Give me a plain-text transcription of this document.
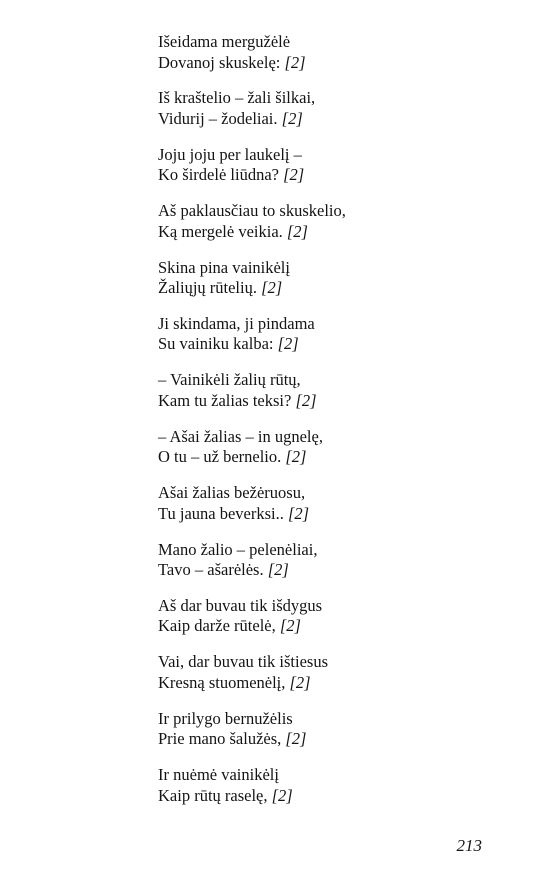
Išeidama mergužėlė
Dovanoj skuskelę: [2]
Iš kraštelio – žali šilkai,
Vidurij – žodeliai. [2]
Joju joju per laukelį –
Ko širdelė liūdna? [2]
Aš paklausčiau to skuskelio,
Ką mergelė veikia. [2]
Skina pina vainikėlį
Žaliųjų rūtelių. [2]
Ji skindama, ji pindama
Su vainiku kalba: [2]
– Vainikėli žalių rūtų,
Kam tu žalias teksi? [2]
– Ašai žalias – in ugnelę,
O tu – už bernelio. [2]
Ašai žalias bežėruosu,
Tu jauna beverksi.. [2]
Mano žalio – pelenėliai,
Tavo – ašarėlės. [2]
Aš dar buvau tik išdygus
Kaip darže rūtelė, [2]
Vai, dar buvau tik ištiesus
Kresną stuomenėlį, [2]
Ir prilygo bernužėlis
Prie mano šalužės, [2]
Ir nuėmė vainikėlį
Kaip rūtų raselę, [2]
213
